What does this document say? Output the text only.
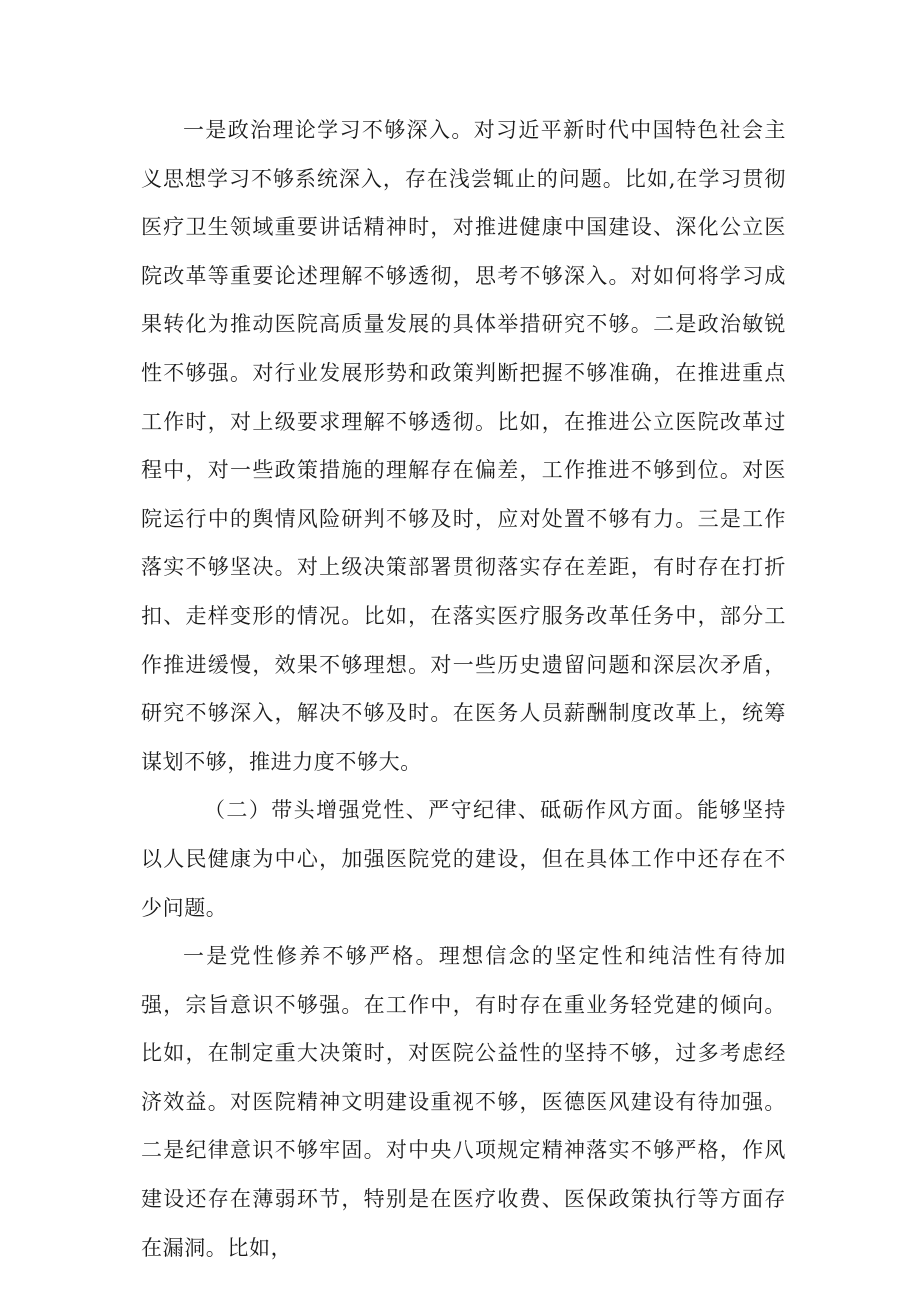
一是政治理论学习不够深入。对习近平新时代中国特色社会主义思想学习不够系统深入，存在浅尝辄止的问题。比如,在学习贯彻医疗卫生领域重要讲话精神时，对推进健康中国建设、深化公立医院改革等重要论述理解不够透彻，思考不够深入。对如何将学习成果转化为推动医院高质量发展的具体举措研究不够。二是政治敏锐性不够强。对行业发展形势和政策判断把握不够准确，在推进重点工作时，对上级要求理解不够透彻。比如，在推进公立医院改革过程中，对一些政策措施的理解存在偏差，工作推进不够到位。对医院运行中的舆情风险研判不够及时，应对处置不够有力。三是工作落实不够坚决。对上级决策部署贯彻落实存在差距，有时存在打折扣、走样变形的情况。比如，在落实医疗服务改革任务中，部分工作推进缓慢，效果不够理想。对一些历史遗留问题和深层次矛盾，研究不够深入，解决不够及时。在医务人员薪酬制度改革上，统筹谋划不够，推进力度不够大。

（二）带头增强党性、严守纪律、砥砺作风方面。能够坚持以人民健康为中心，加强医院党的建设，但在具体工作中还存在不少问题。

一是党性修养不够严格。理想信念的坚定性和纯洁性有待加强，宗旨意识不够强。在工作中，有时存在重业务轻党建的倾向。比如，在制定重大决策时，对医院公益性的坚持不够，过多考虑经济效益。对医院精神文明建设重视不够，医德医风建设有待加强。二是纪律意识不够牢固。对中央八项规定精神落实不够严格，作风建设还存在薄弱环节，特别是在医疗收费、医保政策执行等方面存在漏洞。比如，
